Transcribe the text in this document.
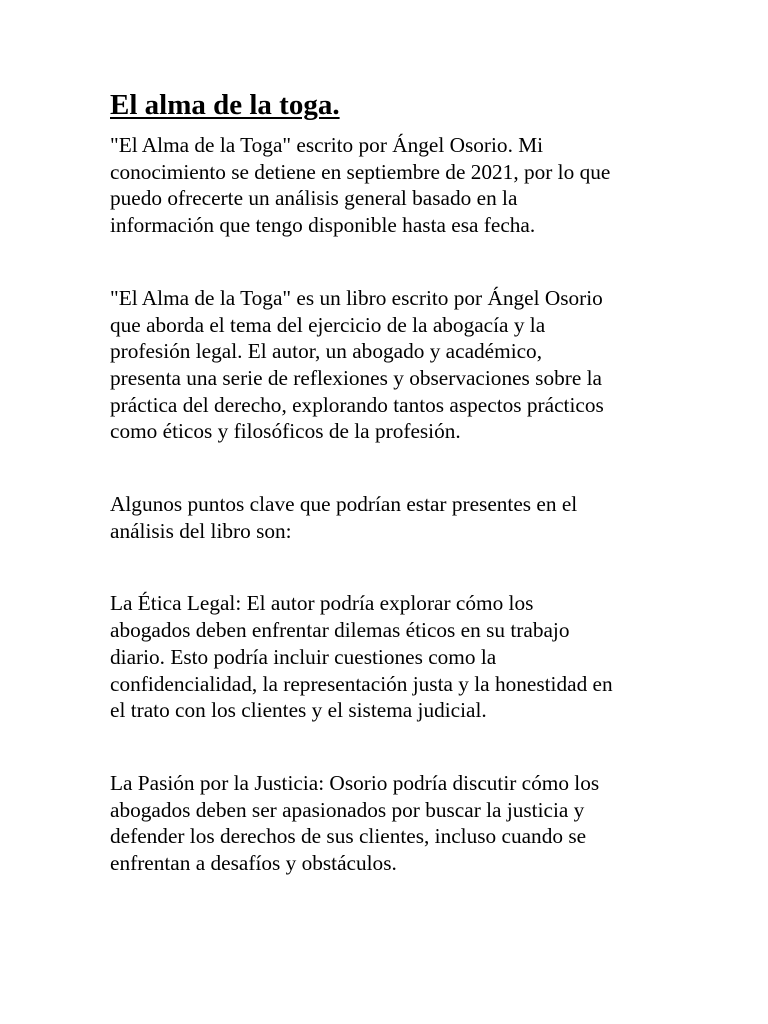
El alma de la toga.

"El Alma de la Toga" escrito por Ángel Osorio. Mi
conocimiento se detiene en septiembre de 2021, por lo que
puedo ofrecerte un análisis general basado en la
información que tengo disponible hasta esa fecha.

"El Alma de la Toga" es un libro escrito por Ángel Osorio
que aborda el tema del ejercicio de la abogacía y la
profesión legal. El autor, un abogado y académico,
presenta una serie de reflexiones y observaciones sobre la
práctica del derecho, explorando tantos aspectos prácticos
como éticos y filosóficos de la profesión.

Algunos puntos clave que podrían estar presentes en el
análisis del libro son:

La Ética Legal: El autor podría explorar cómo los
abogados deben enfrentar dilemas éticos en su trabajo
diario. Esto podría incluir cuestiones como la
confidencialidad, la representación justa y la honestidad en
el trato con los clientes y el sistema judicial.

La Pasión por la Justicia: Osorio podría discutir cómo los
abogados deben ser apasionados por buscar la justicia y
defender los derechos de sus clientes, incluso cuando se
enfrentan a desafíos y obstáculos.
